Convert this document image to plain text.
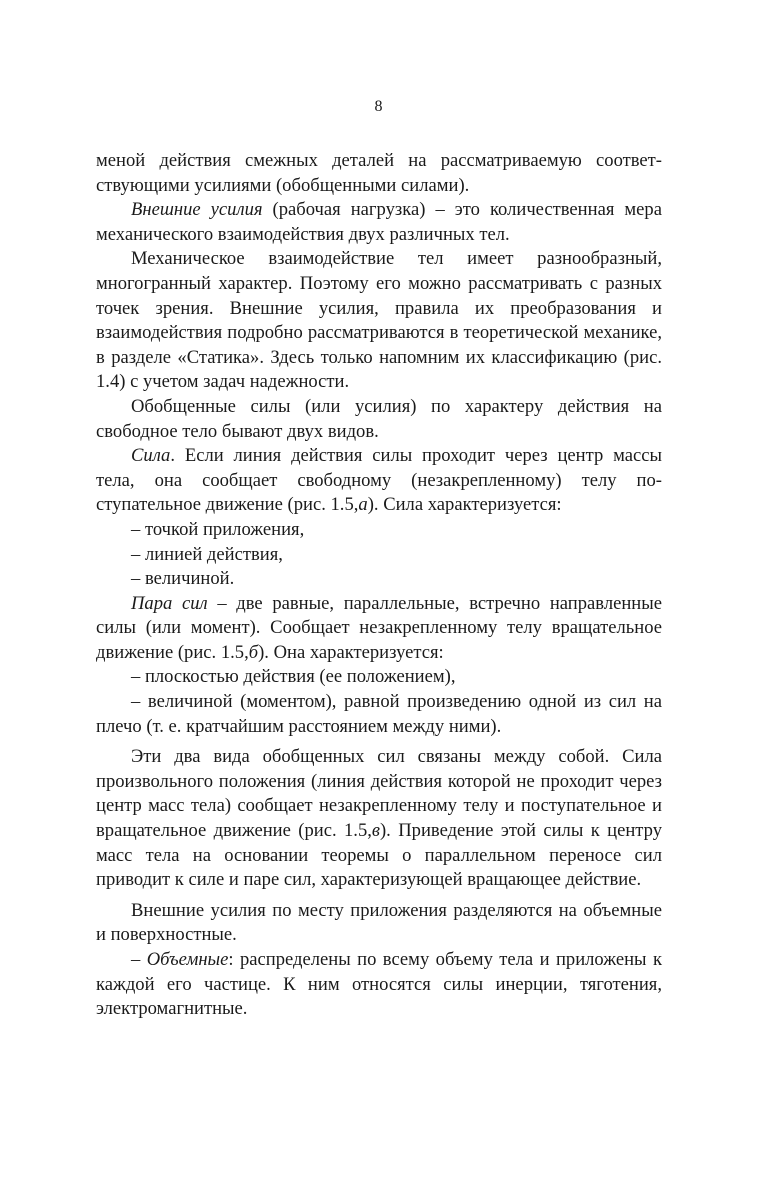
8

меной действия смежных деталей на рассматриваемую соответствующими усилиями (обобщенными силами).

Внешние усилия (рабочая нагрузка) – это количественная мера механического взаимодействия двух различных тел.

Механическое взаимодействие тел имеет разнообразный, многогранный характер. Поэтому его можно рассматривать с разных точек зрения. Внешние усилия, правила их преобразования и взаимодействия подробно рассматриваются в теоретической механике, в разделе «Статика». Здесь только напомним их классификацию (рис. 1.4) с учетом задач надежности.

Обобщенные силы (или усилия) по характеру действия на свободное тело бывают двух видов.

Сила. Если линия действия силы проходит через центр массы тела, она сообщает свободному (незакрепленному) телу поступательное движение (рис. 1.5,а). Сила характеризуется:

– точкой приложения,

– линией действия,

– величиной.

Пара сил – две равные, параллельные, встречно направленные силы (или момент). Сообщает незакрепленному телу вращательное движение (рис. 1.5,б). Она характеризуется:

– плоскостью действия (ее положением),

– величиной (моментом), равной произведению одной из сил на плечо (т. е. кратчайшим расстоянием между ними).

Эти два вида обобщенных сил связаны между собой. Сила произвольного положения (линия действия которой не проходит через центр масс тела) сообщает незакрепленному телу и поступательное и вращательное движение (рис. 1.5,в). Приведение этой силы к центру масс тела на основании теоремы о параллельном переносе сил приводит к силе и паре сил, характеризующей вращающее действие.

Внешние усилия по месту приложения разделяются на объемные и поверхностные.

– Объемные: распределены по всему объему тела и приложены к каждой его частице. К ним относятся силы инерции, тяготения, электромагнитные.
